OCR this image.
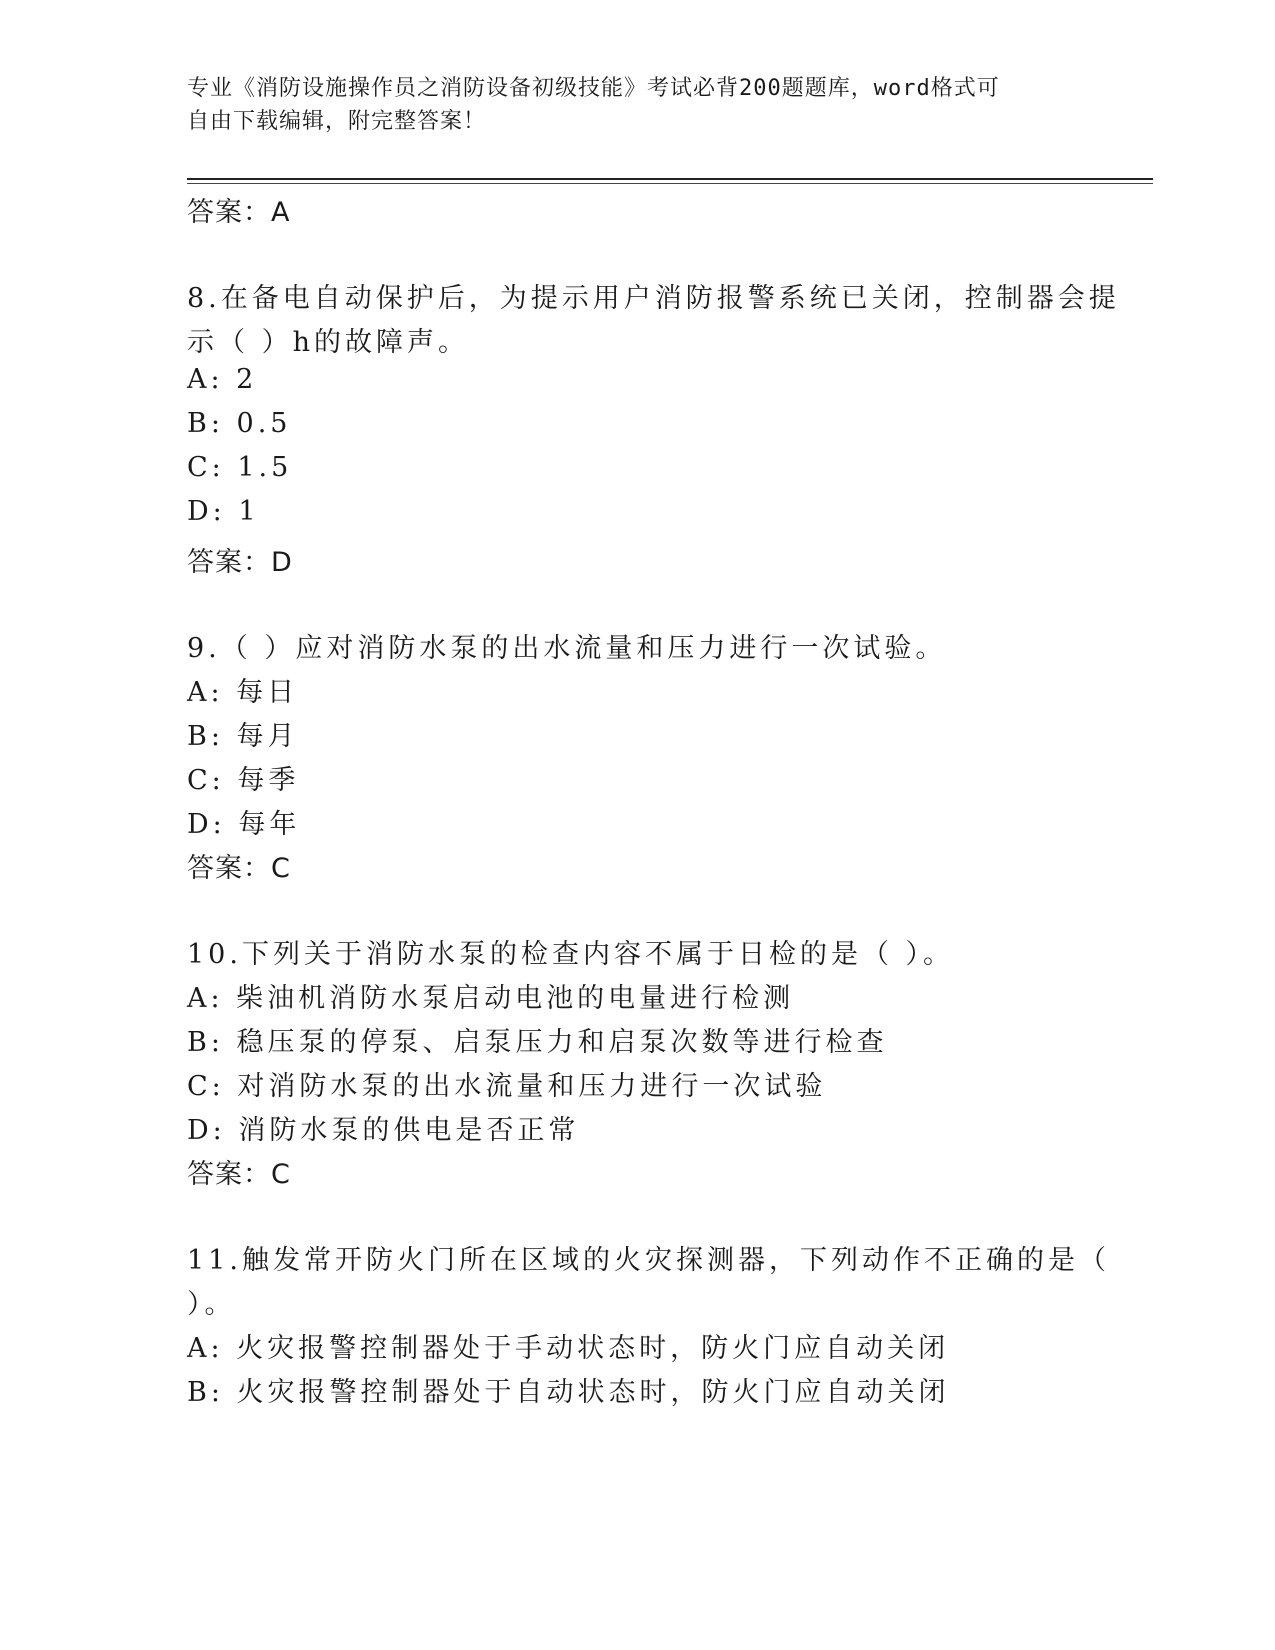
专业《消防设施操作员之消防设备初级技能》考试必背200题题库，word格式可
自由下载编辑，附完整答案！
答案：A
8.在备电自动保护后，为提示用户消防报警系统已关闭，控制器会提
示（ ）h的故障声。
A: 2
B: 0.5
C: 1.5
D: 1
答案：D
9.（ ）应对消防水泵的出水流量和压力进行一次试验。
A: 每日
B: 每月
C: 每季
D: 每年
答案：C
10.下列关于消防水泵的检查内容不属于日检的是（ ）。
A: 柴油机消防水泵启动电池的电量进行检测
B: 稳压泵的停泵、启泵压力和启泵次数等进行检查
C: 对消防水泵的出水流量和压力进行一次试验
D: 消防水泵的供电是否正常
答案：C
11.触发常开防火门所在区域的火灾探测器，下列动作不正确的是（
）。
A: 火灾报警控制器处于手动状态时，防火门应自动关闭
B: 火灾报警控制器处于自动状态时，防火门应自动关闭
